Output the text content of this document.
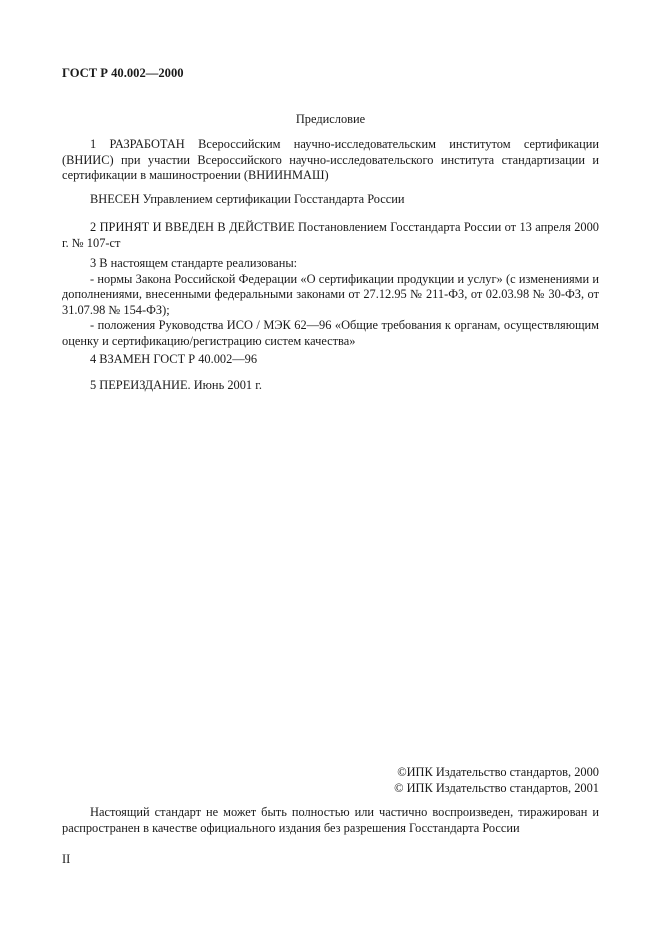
ГОСТ Р 40.002—2000
Предисловие

1 РАЗРАБОТАН Всероссийским научно-исследовательским институтом сертификации (ВНИИС) при участии Всероссийского научно-исследовательского института стандартизации и сертификации в машиностроении (ВНИИНМАШ)

ВНЕСЕН Управлением сертификации Госстандарта России

2 ПРИНЯТ И ВВЕДЕН В ДЕЙСТВИЕ Постановлением Госстандарта России от 13 апреля 2000 г. № 107-ст

3 В настоящем стандарте реализованы:

- нормы Закона Российской Федерации «О сертификации продукции и услуг» (с изменениями и дополнениями, внесенными федеральными законами от 27.12.95 № 211-ФЗ, от 02.03.98 № 30-ФЗ, от 31.07.98 № 154-ФЗ);

- положения Руководства ИСО / МЭК 62—96 «Общие требования к органам, осуществляющим оценку и сертификацию/регистрацию систем качества»

4 ВЗАМЕН ГОСТ Р 40.002—96

5 ПЕРЕИЗДАНИЕ. Июнь 2001 г.

©ИПК Издательство стандартов, 2000
© ИПК Издательство стандартов, 2001
Настоящий стандарт не может быть полностью или частично воспроизведен, тиражирован и распространен в качестве официального издания без разрешения Госстандарта России
II
